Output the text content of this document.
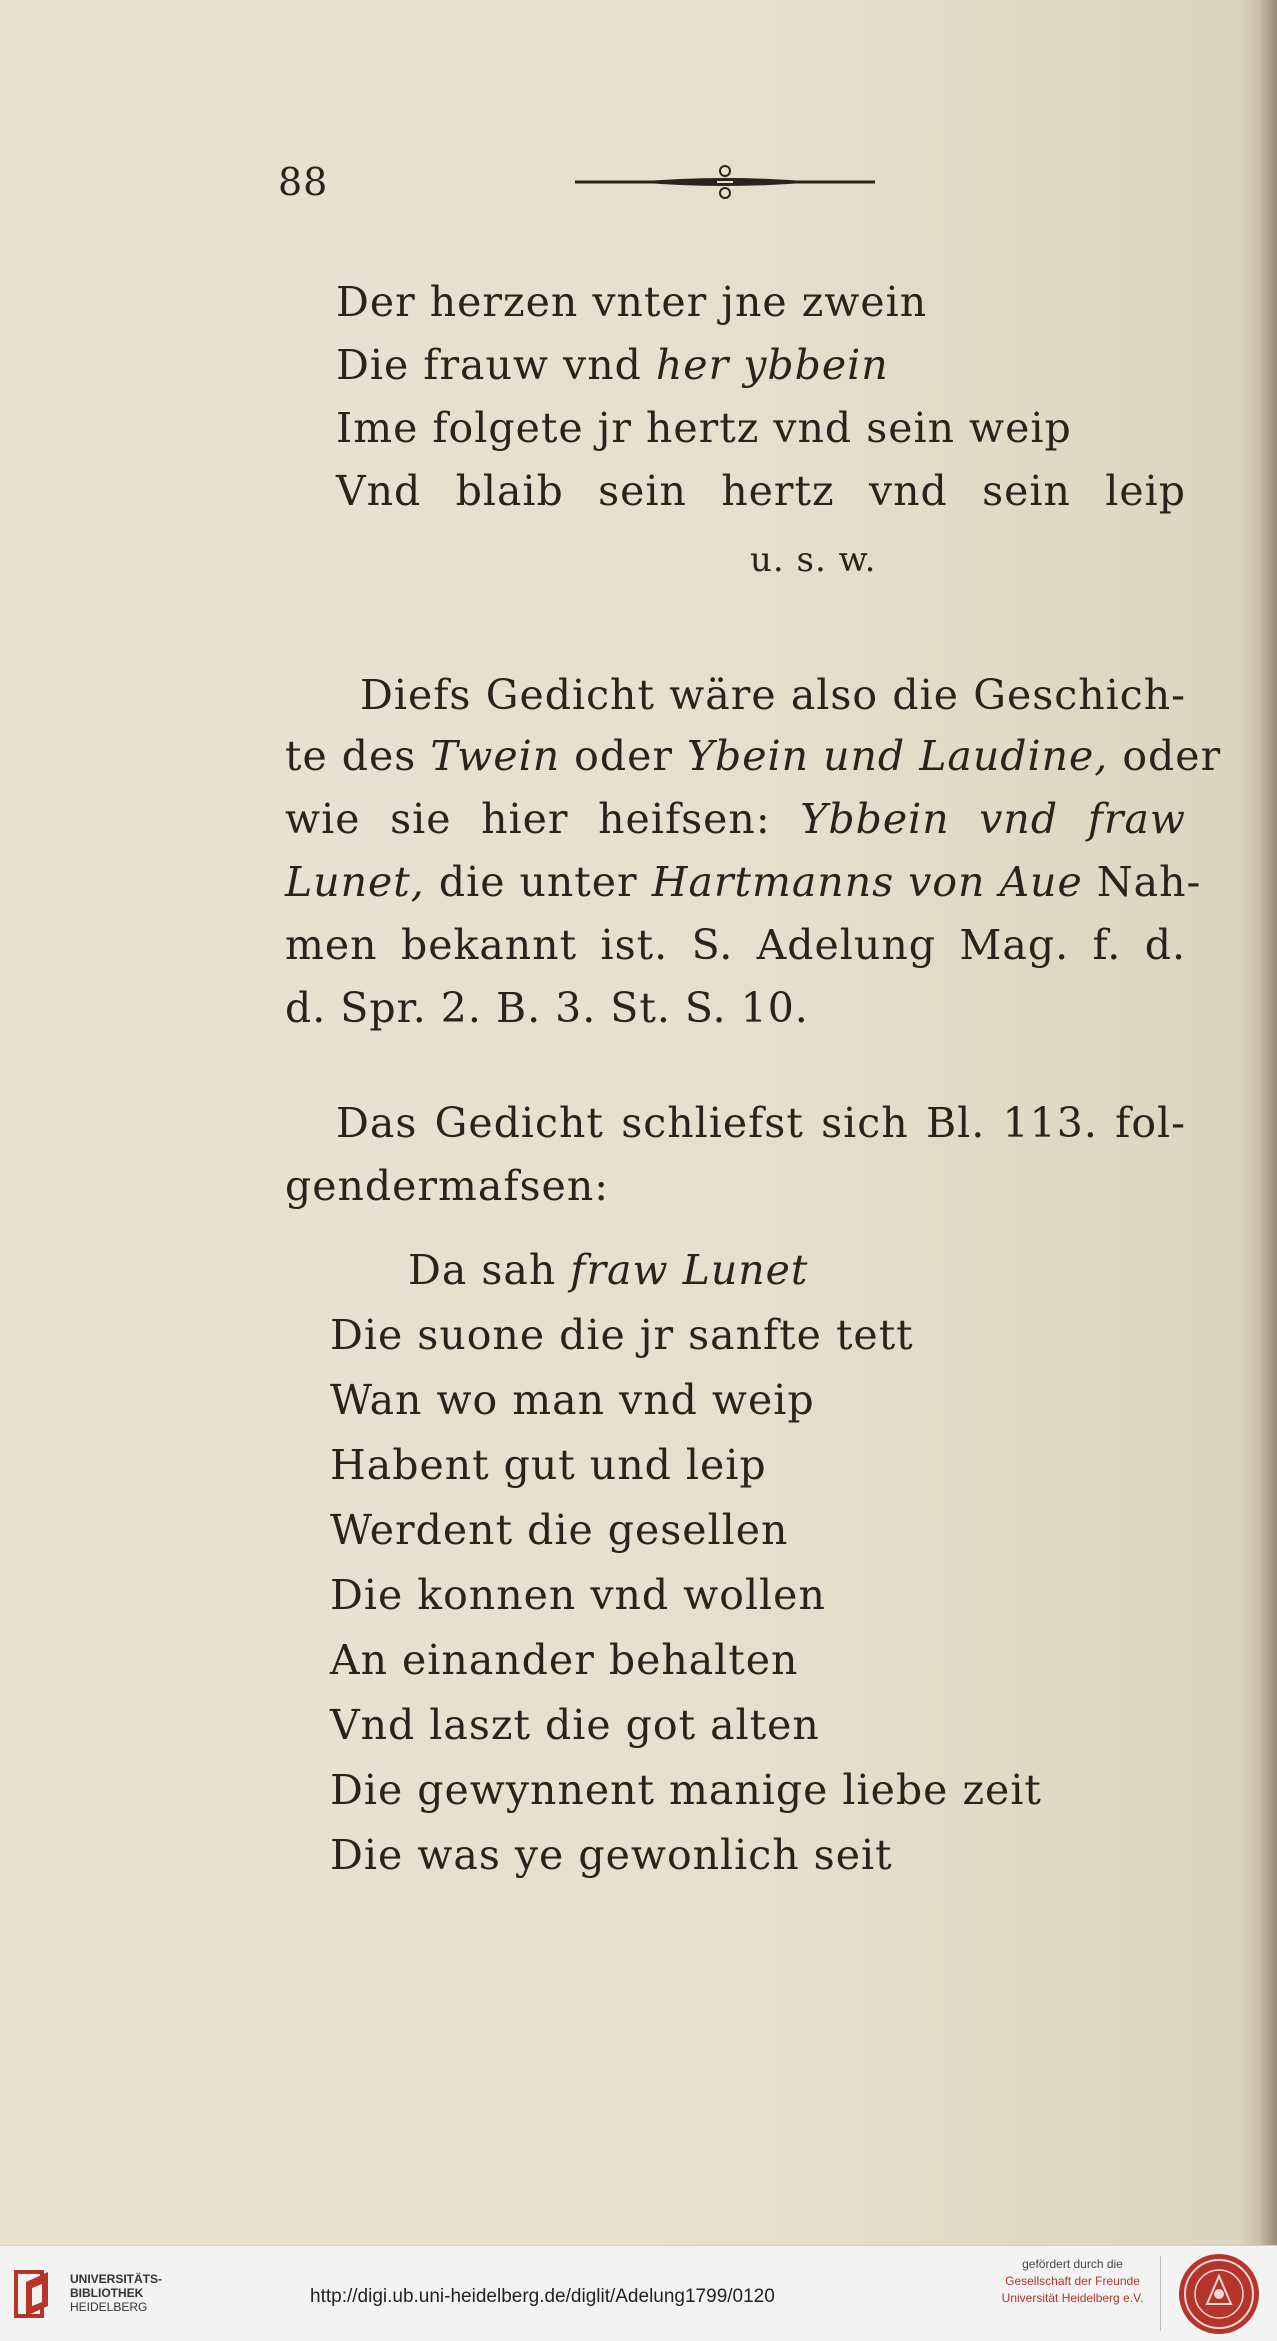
88
Der herzen vnter jne zwein
Die frauw vnd her ybbein
Ime folgete jr hertz vnd sein weip
Vnd blaib sein hertz vnd sein leip
u. s. w.
Diefs Gedicht wäre also die Geschich-
te des Twein oder Ybein und Laudine, oder
wie sie hier heifsen: Ybbein vnd fraw
Lunet, die unter Hartmanns von Aue Nah-
men bekannt ist. S. Adelung Mag. f. d.
d. Spr. 2. B. 3. St. S. 10.
Das Gedicht schliefst sich Bl. 113. fol-
gendermafsen:
Da sah fraw Lunet
Die suone die jr sanfte tett
Wan wo man vnd weip
Habent gut und leip
Werdent die gesellen
Die konnen vnd wollen
An einander behalten
Vnd laszt die got alten
Die gewynnent manige liebe zeit
Die was ye gewonlich seit
UNIVERSITÄTS-
BIBLIOTHEK
HEIDELBERG	http://digi.ub.uni-heidelberg.de/diglit/Adelung1799/0120
gefördert durch die
Gesellschaft der Freunde
Universität Heidelberg e.V.
